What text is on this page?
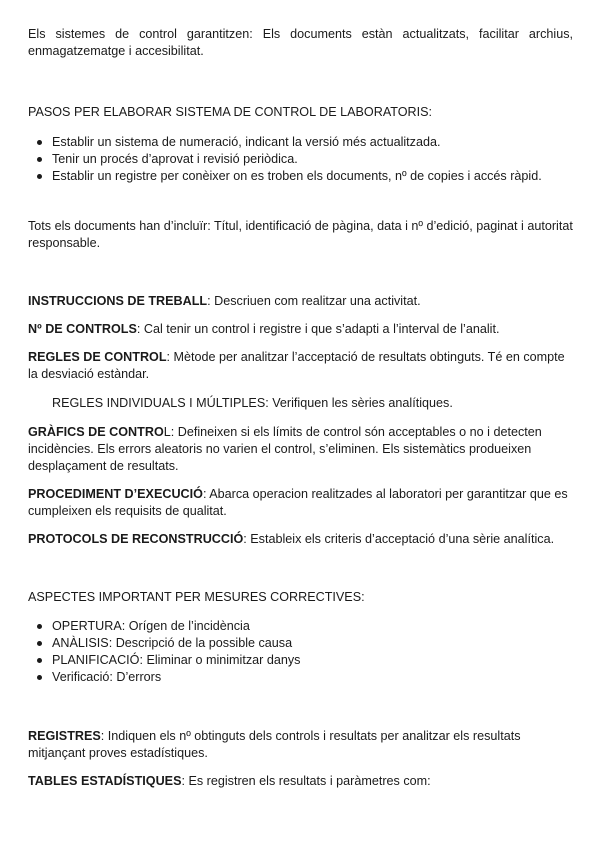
Els sistemes de control garantitzen: Els documents estàn actualitzats, facilitar archius, enmagatzematge i accesibilitat.

PASOS PER ELABORAR SISTEMA DE CONTROL DE LABORATORIS:

Establir un sistema de numeració, indicant la versió més actualitzada.
Tenir un procés d’aprovat i revisió periòdica.
Establir un registre per conèixer on es troben els documents, nº de copies i accés ràpid.

Tots els documents han d’incluïr: Títul, identificació de pàgina, data i nº d’edició, paginat i autoritat responsable.

INSTRUCCIONS DE TREBALL: Descriuen com realitzar una activitat.

Nº DE CONTROLS: Cal tenir un control i registre i que s’adapti a l’interval de l’analit.

REGLES DE CONTROL: Mètode per analitzar l’acceptació de resultats obtinguts. Té en compte la desviació estàndar.

REGLES INDIVIDUALS I MÚLTIPLES: Verifiquen les sèries analítiques.

GRÀFICS DE CONTROL: Defineixen si els límits de control són acceptables o no i detecten incidències. Els errors aleatoris no varien el control, s’eliminen. Els sistemàtics produeixen desplaçament de resultats.

PROCEDIMENT D’EXECUCIÓ: Abarca operacion realitzades al laboratori per garantitzar que es cumpleixen els requisits de qualitat.

PROTOCOLS DE RECONSTRUCCIÓ: Estableix els criteris d’acceptació d’una sèrie analítica.

ASPECTES IMPORTANT PER MESURES CORRECTIVES:

OPERTURA: Orígen de l’incidència
ANÀLISIS: Descripció de la possible causa
PLANIFICACIÓ: Eliminar o minimitzar danys
Verificació: D’errors

REGISTRES: Indiquen els nº obtinguts dels controls i resultats per analitzar els resultats mitjançant proves estadístiques.

TABLES ESTADÍSTIQUES: Es registren els resultats i paràmetres com:
